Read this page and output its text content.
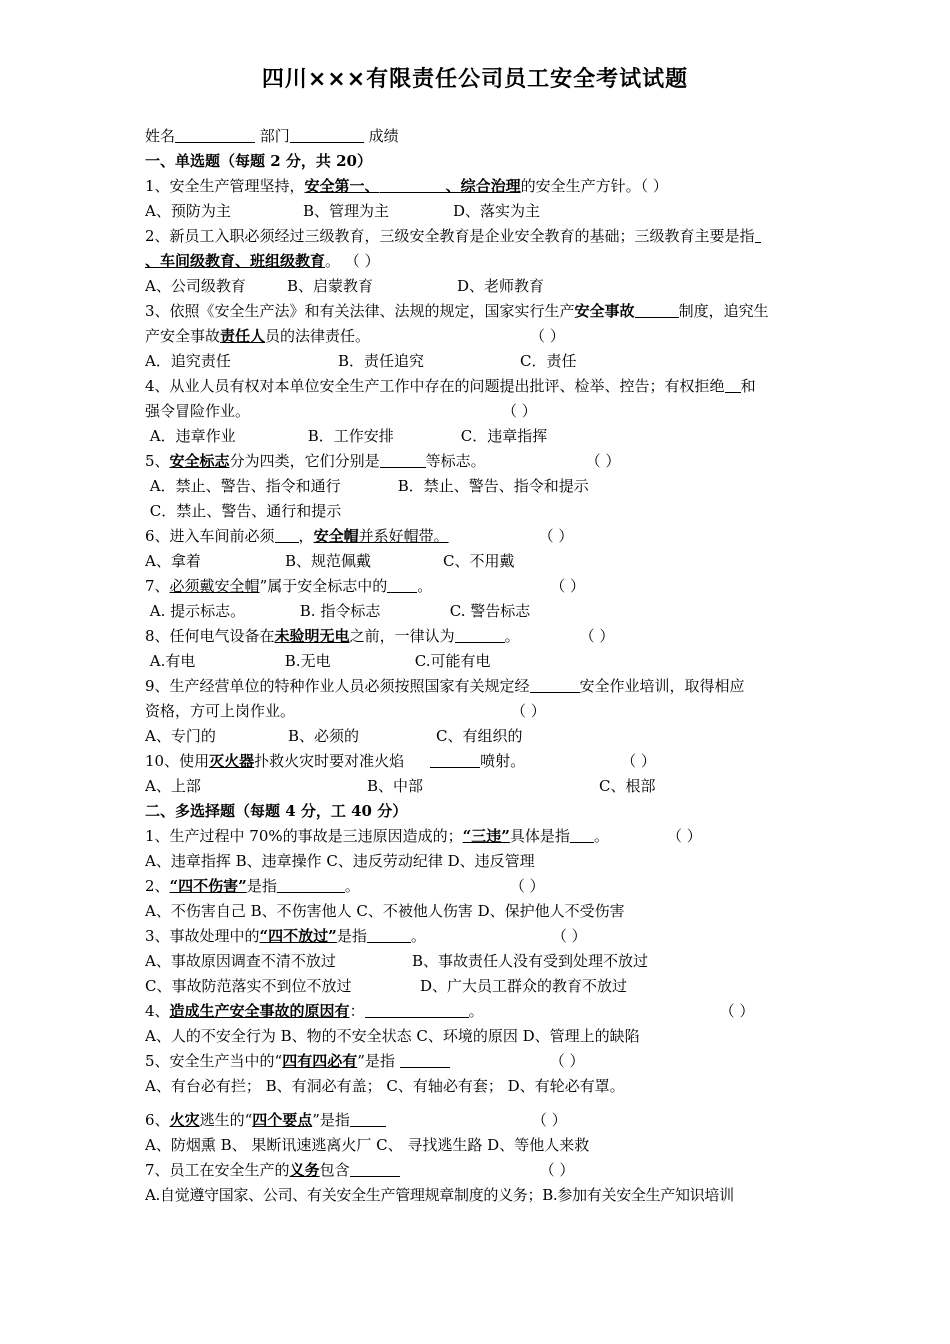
四川×××有限责任公司员工安全考试试题
姓名	部门	成绩
一、单选题（每题 2 分，共 20）
1、安全生产管理坚持，安全第一、	、综合治理的安全生产方针。（ ）
A、预防为主	B、管理为主	D、落实为主
2、新员工入职必须经过三级教育，三级安全教育是企业安全教育的基础；三级教育主要是指
、车间级教育、班组级教育。 （ ）
A、公司级教育	B、启蒙教育	D、老师教育
3、依照《安全生产法》和有关法律、法规的规定，国家实行生产安全事故	制度，追究生
产安全事故责任人员的法律责任。	（ ）
A．追究责任	B．责任追究	C．责任
4、从业人员有权对本单位安全生产工作中存在的问题提出批评、检举、控告；有权拒绝 和
强令冒险作业。	（ ）
A．违章作业	B．工作安排	C．违章指挥
5、安全标志分为四类，它们分别是	等标志。	（ ）
A．禁止、警告、指令和通行	B．禁止、警告、指令和提示
C．禁止、警告、通行和提示
6、进入车间前必须 ，安全帽并系好帽带。	（ ）
A、拿着	B、规范佩戴	C、不用戴
7、必须戴安全帽”属于安全标志中的 。	（ ）
A. 提示标志。	B. 指令标志	C. 警告标志
8、任何电气设备在未验明无电之前，一律认为	。	（ ）
A.有电	B.无电	C.可能有电
9、生产经营单位的特种作业人员必须按照国家有关规定经	安全作业培训，取得相应
资格，方可上岗作业。	（ ）
A、专门的	B、必须的	C、有组织的
10、使用灭火器扑救火灾时要对准火焰	喷射。	（ ）
A、上部	B、中部	C、根部
二、多选择题（每题 4 分，工 40 分）
1、生产过程中 70%的事故是三违原因造成的；“三违”具体是指 。	（ ）
A、违章指挥 B、违章操作 C、违反劳动纪律 D、违反管理
2、“四不伤害”是指	。	（ ）
A、不伤害自己 B、不伤害他人 C、不被他人伤害 D、保护他人不受伤害
3、事故处理中的“四不放过”是指	。	（ ）
A、事故原因调查不清不放过	B、事故责任人没有受到处理不放过
C、事故防范落实不到位不放过	D、广大员工群众的教育不放过
4、造成生产安全事故的原因有：	。	（ ）
A、人的不安全行为 B、物的不安全状态 C、环境的原因 D、管理上的缺陷
5、安全生产当中的“四有四必有”是指	（ ）
A、有台必有拦； B、有洞必有盖； C、有轴必有套； D、有轮必有罩。
6、火灾逃生的“四个要点”是指	（ ）
A、防烟熏 B、 果断讯速逃离火厂 C、 寻找逃生路 D、等他人来救
7、员工在安全生产的义务包含	（ ）
A.自觉遵守国家、公司、有关安全生产管理规章制度的义务；B.参加有关安全生产知识培训
